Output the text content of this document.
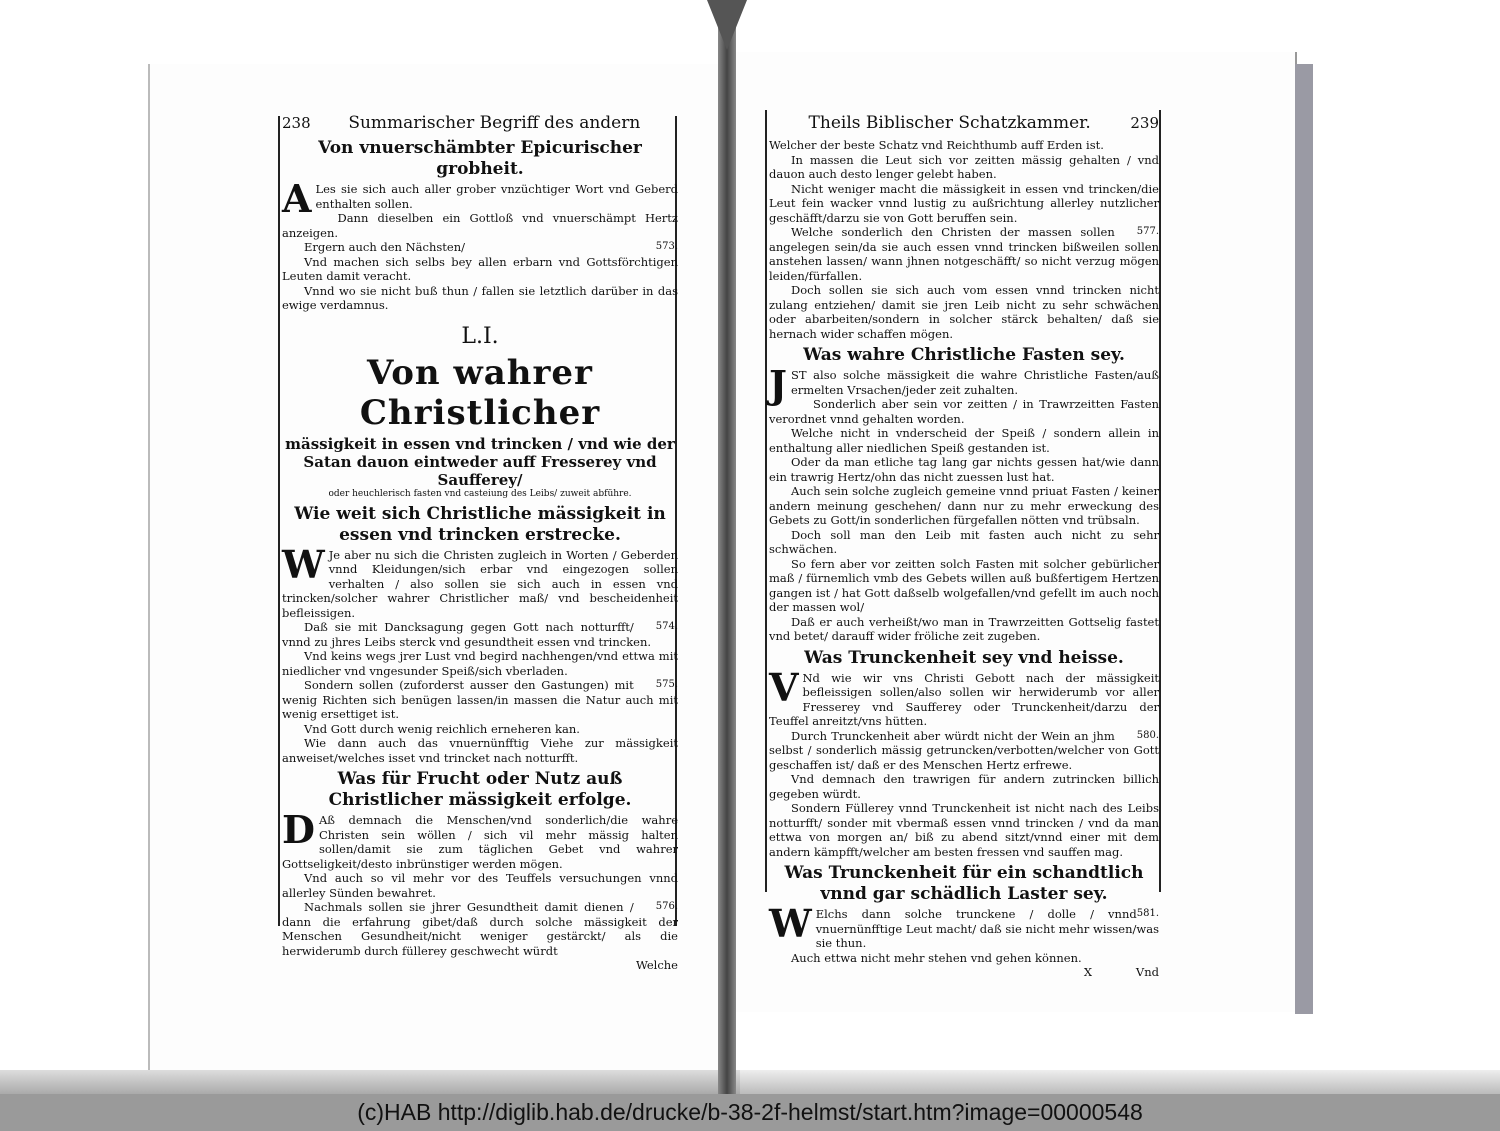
238 Summarischer Begriff des andern
Von vnuerschämbter Epicurischer grobheit.

A Les sie sich auch aller grober vnzüchtiger Wort vnd Geberd enthalten sollen.

Dann dieselben ein Gottloß vnd vnuerschämpt Hertz anzeigen.

573.
Ergern auch den Nächsten/

Vnd machen sich selbs bey allen erbarn vnd Gottsförchtigen Leuten damit veracht.

Vnnd wo sie nicht buß thun / fallen sie letztlich darüber in das ewige verdamnus.

L.I.
Von wahrer Christlicher
mässigkeit in essen vnd trincken / vnd wie der Satan dauon eintweder auff Fresserey vnd Saufferey/
oder heuchlerisch fasten vnd casteiung des Leibs/ zuweit abführe.
Wie weit sich Christliche mässigkeit in essen vnd trincken erstrecke.

W Je aber nu sich die Christen zugleich in Worten / Geberden vnnd Kleidungen/sich erbar vnd eingezogen sollen verhalten / also sollen sie sich auch in essen vnd trincken/solcher wahrer Christlicher maß/ vnd bescheidenheit befleissigen.

574.
Daß sie mit Dancksagung gegen Gott nach notturfft/ vnnd zu jhres Leibs sterck vnd gesundtheit essen vnd trincken.

Vnd keins wegs jrer Lust vnd begird nachhengen/vnd ettwa mit niedlicher vnd vngesunder Speiß/sich vberladen.

575.
Sondern sollen (zuforderst ausser den Gastungen) mit wenig Richten sich benügen lassen/in massen die Natur auch mit wenig ersettiget ist.

Vnd Gott durch wenig reichlich erneheren kan.

Wie dann auch das vnuernünfftig Viehe zur mässigkeit anweiset/welches isset vnd trincket nach notturfft.

Was für Frucht oder Nutz auß Christlicher mässigkeit erfolge.

D Aß demnach die Menschen/vnd sonderlich/die wahre Christen sein wöllen / sich vil mehr mässig halten sollen/damit sie zum täglichen Gebet vnd wahrer Gottseligkeit/desto inbrünstiger werden mögen.

Vnd auch so vil mehr vor des Teuffels versuchungen vnnd allerley Sünden bewahret.

576.
Nachmals sollen sie jhrer Gesundtheit damit dienen / dann die erfahrung gibet/daß durch solche mässigkeit der Menschen Gesundheit/nicht weniger gestärckt/ als die herwiderumb durch füllerey geschwecht würdt

Welche
Theils Biblischer Schatzkammer.	239

Welcher der beste Schatz vnd Reichthumb auff Erden ist.

In massen die Leut sich vor zeitten mässig gehalten / vnd dauon auch desto lenger gelebt haben.

Nicht weniger macht die mässigkeit in essen vnd trincken/die Leut fein wacker vnnd lustig zu außrichtung allerley nutzlicher geschäfft/darzu sie von Gott beruffen sein.

577.
Welche sonderlich den Christen der massen sollen angelegen sein/da sie auch essen vnnd trincken bißweilen sollen anstehen lassen/ wann jhnen notgeschäfft/ so nicht verzug mögen leiden/fürfallen.

Doch sollen sie sich auch vom essen vnnd trincken nicht zulang entziehen/ damit sie jren Leib nicht zu sehr schwächen oder abarbeiten/sondern in solcher stärck behalten/ daß sie hernach wider schaffen mögen.

Was wahre Christliche Fasten sey.

JST also solche mässigkeit die wahre Christliche Fasten/auß ermelten Vrsachen/jeder zeit zuhalten.

Sonderlich aber sein vor zeitten / in Trawrzeitten Fasten verordnet vnnd gehalten worden.

Welche nicht in vnderscheid der Speiß / sondern allein in enthaltung aller niedlichen Speiß gestanden ist.

Oder da man etliche tag lang gar nichts gessen hat/wie dann ein trawrig Hertz/ohn das nicht zuessen lust hat.

Auch sein solche zugleich gemeine vnnd priuat Fasten / keiner andern meinung geschehen/ dann nur zu mehr erweckung des Gebets zu Gott/in sonderlichen fürgefallen nötten vnd trübsaln.

Doch soll man den Leib mit fasten auch nicht zu sehr schwächen.

So fern aber vor zeitten solch Fasten mit solcher gebürlicher maß / fürnemlich vmb des Gebets willen auß bußfertigem Hertzen gangen ist / hat Gott daßselb wolgefallen/vnd gefellt im auch noch der massen wol/

Daß er auch verheißt/wo man in Trawrzeitten Gottselig fastet vnd betet/ darauff wider fröliche zeit zugeben.

Was Trunckenheit sey vnd heisse.

V Nd wie wir vns Christi Gebott nach der mässigkeit befleissigen sollen/also sollen wir herwiderumb vor aller Fresserey vnd Saufferey oder Trunckenheit/darzu der Teuffel anreitzt/vns hütten.

580.
Durch Trunckenheit aber würdt nicht der Wein an jhm selbst / sonderlich mässig getruncken/verbotten/welcher von Gott geschaffen ist/ daß er des Menschen Hertz erfrewe.

Vnd demnach den trawrigen für andern zutrincken billich gegeben würdt.

Sondern Füllerey vnnd Trunckenheit ist nicht nach des Leibs notturfft/ sonder mit vbermaß essen vnnd trincken / vnd da man ettwa von morgen an/ biß zu abend sitzt/vnnd einer mit dem andern kämpfft/welcher am besten fressen vnd sauffen mag.

Was Trunckenheit für ein schandtlich vnnd gar schädlich Laster sey.

W	581.
Elchs dann solche trunckene / dolle / vnnd vnuernünfftige Leut macht/ daß sie nicht mehr wissen/was sie thun.

Auch ettwa nicht mehr stehen vnd gehen können.

X	Vnd
(c)HAB http://diglib.hab.de/drucke/b-38-2f-helmst/start.htm?image=00000548
